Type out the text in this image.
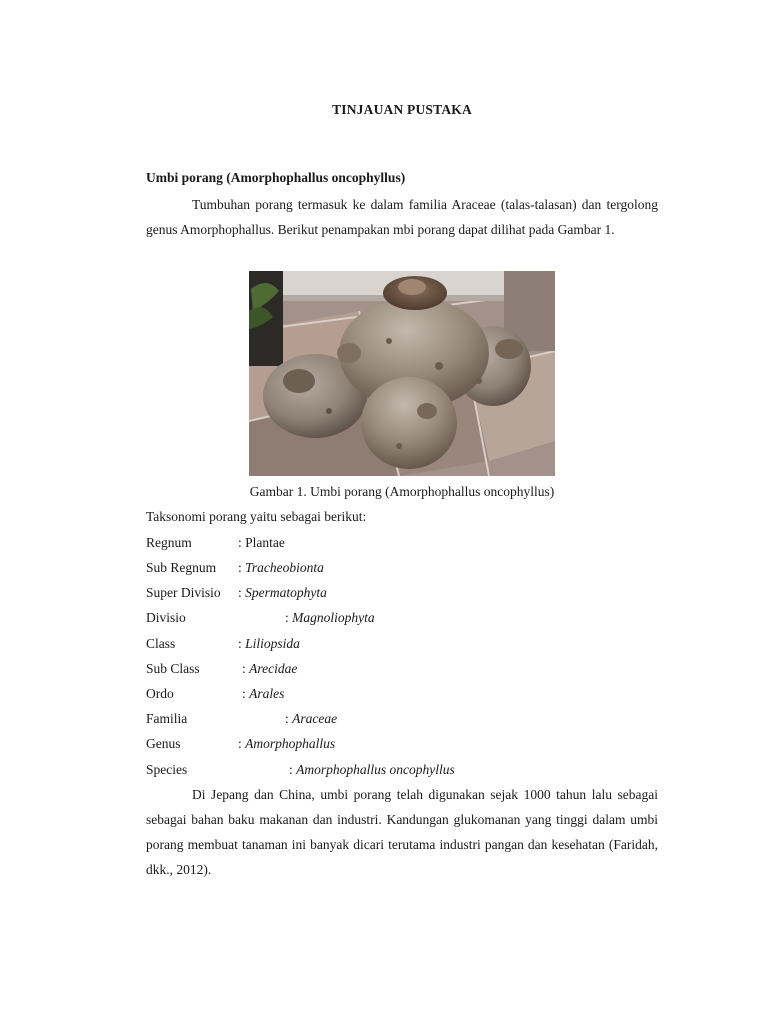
TINJAUAN PUSTAKA
Umbi porang (Amorphophallus oncophyllus)

Tumbuhan porang termasuk ke dalam familia Araceae (talas-talasan) dan tergolong genus Amorphophallus. Berikut penampakan mbi porang dapat dilihat pada Gambar 1.

Gambar 1. Umbi porang (Amorphophallus oncophyllus)
Taksonomi porang yaitu sebagai berikut:
Regnum	: Plantae
Sub Regnum : Tracheobionta
Super Divisio : Spermatophyta
Divisio	: Magnoliophyta
Class	: Liliopsida
Sub Class	: Arecidae
Ordo	: Arales
Familia	: Araceae
Genus	: Amorphophallus
Species	: Amorphophallus oncophyllus

Di Jepang dan China, umbi porang telah digunakan sejak 1000 tahun lalu sebagai sebagai bahan baku makanan dan industri. Kandungan glukomanan yang tinggi dalam umbi porang membuat tanaman ini banyak dicari terutama industri pangan dan kesehatan (Faridah, dkk., 2012).
